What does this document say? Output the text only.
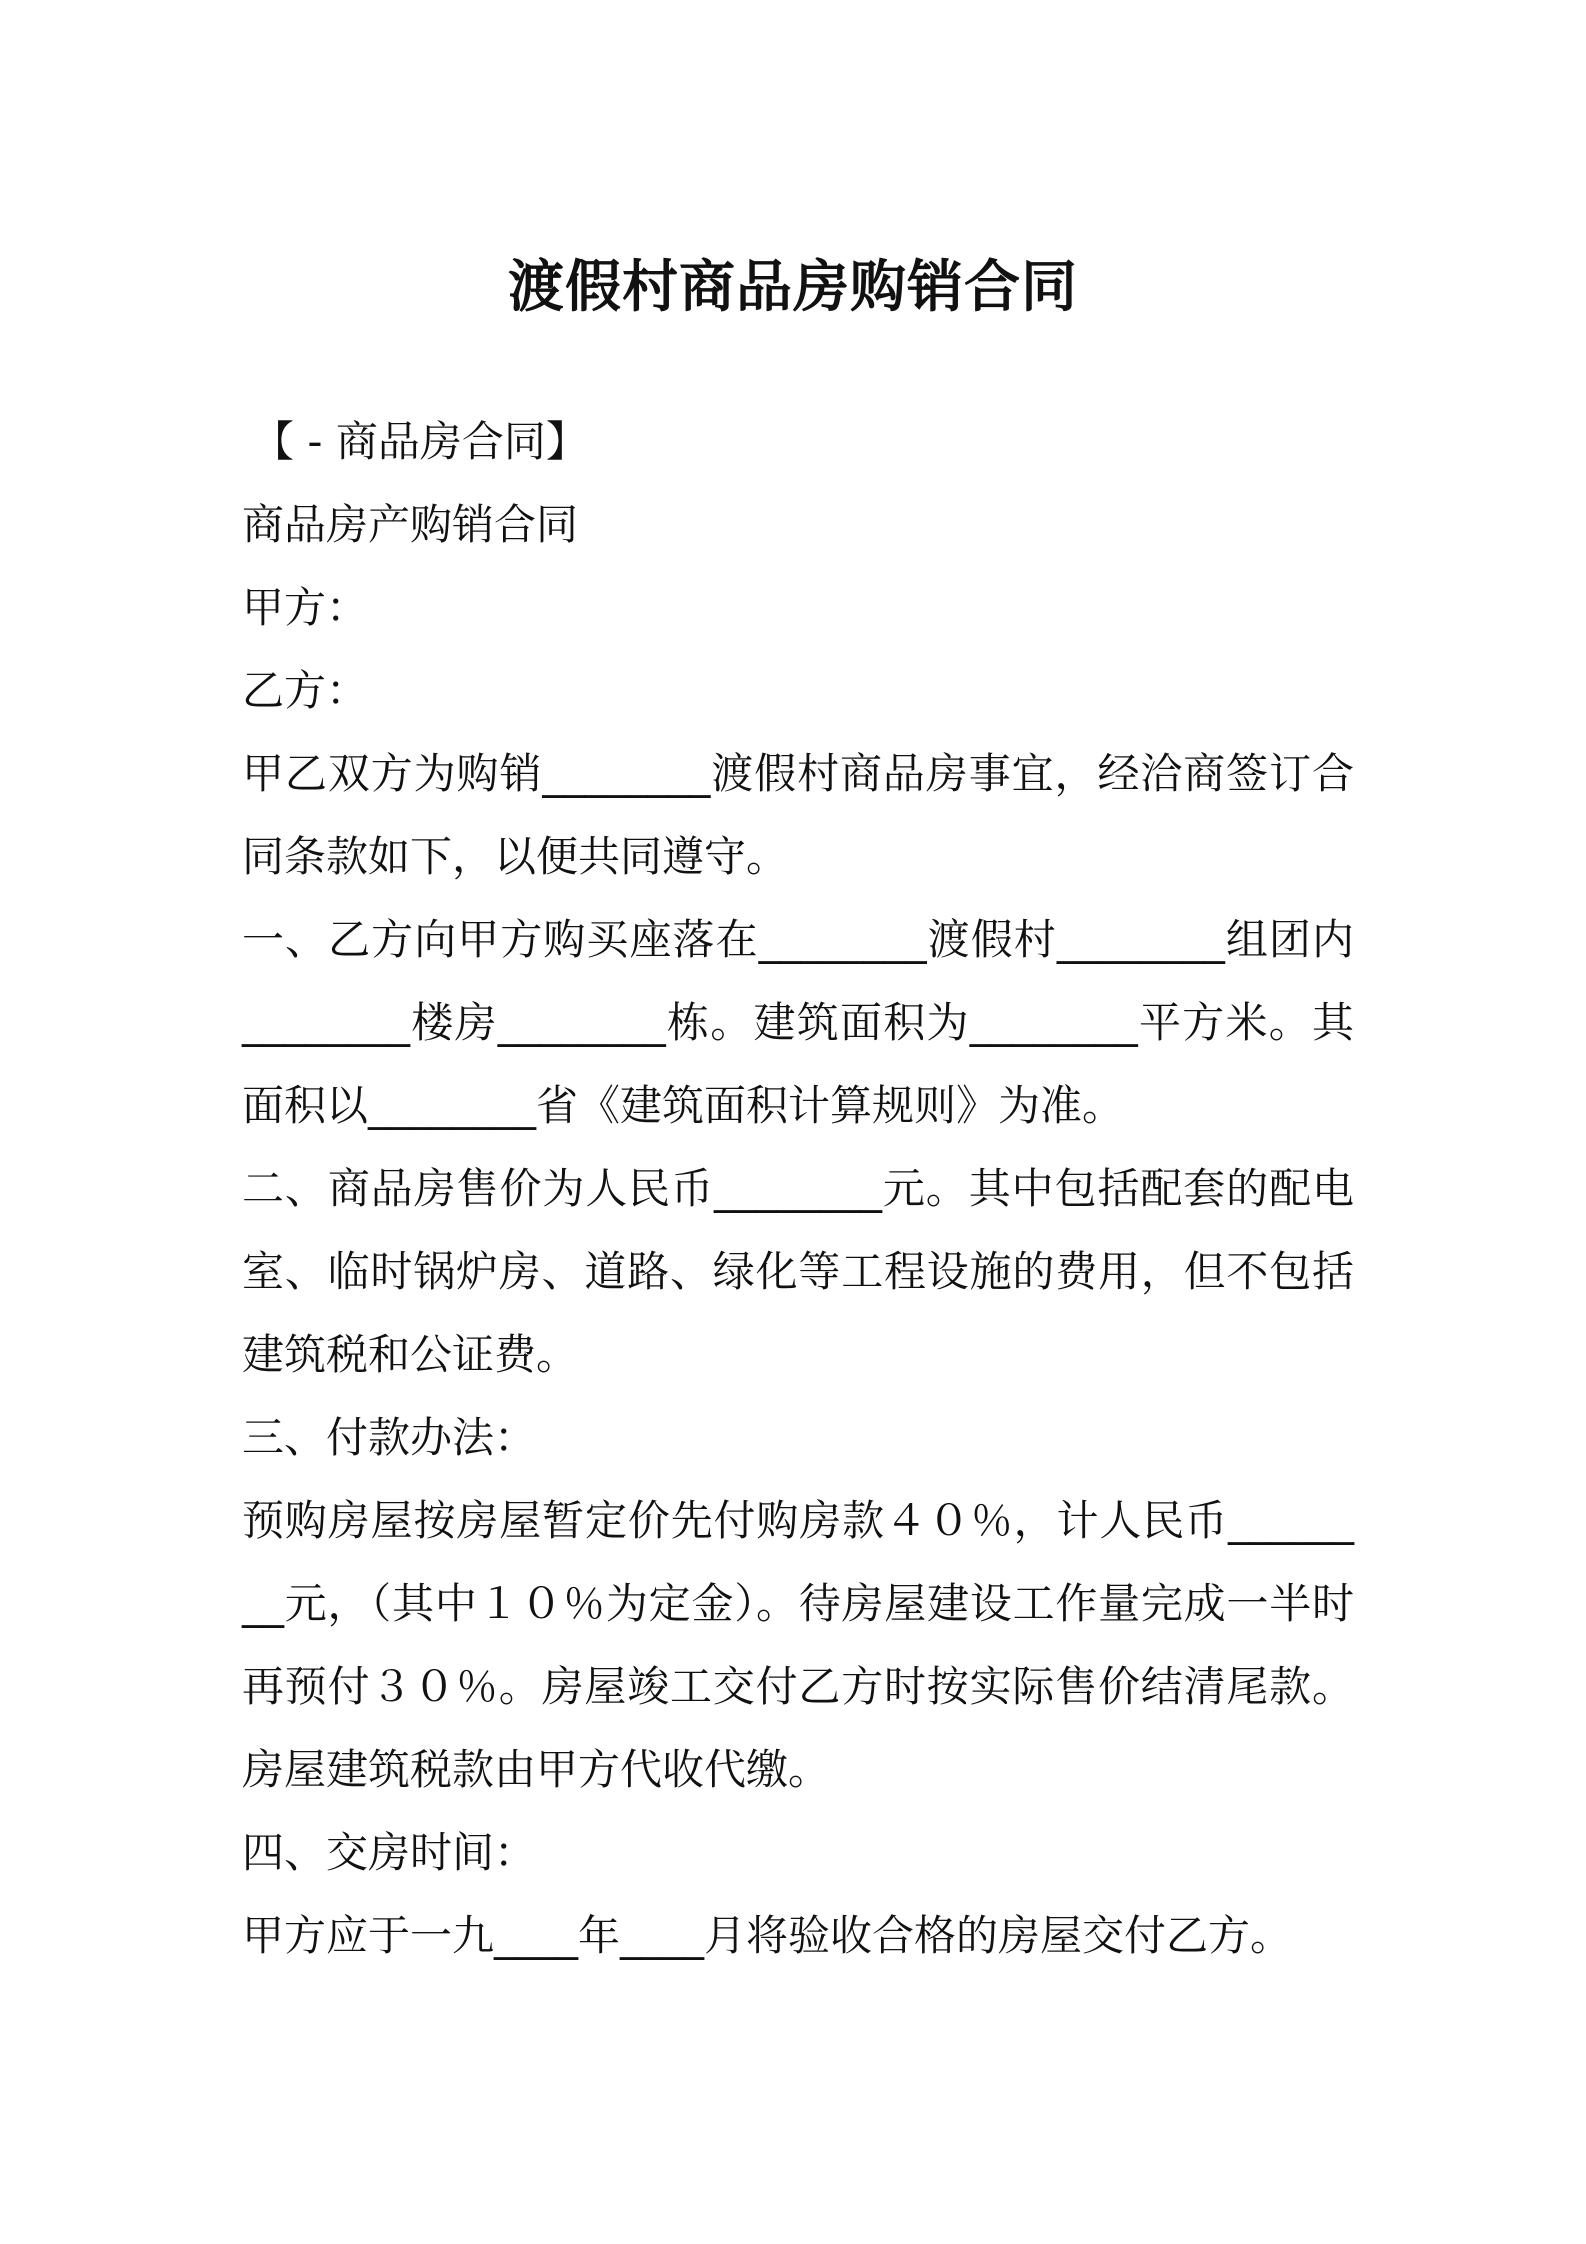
渡假村商品房购销合同

【 - 商品房合同】

商品房产购销合同

甲方：

乙方：

甲乙双方为购销________渡假村商品房事宜，经洽商签订合同条款如下，以便共同遵守。

一、乙方向甲方购买座落在________渡假村________组团内________楼房________栋。建筑面积为________平方米。其面积以________省《建筑面积计算规则》为准。

二、商品房售价为人民币________元。其中包括配套的配电室、临时锅炉房、道路、绿化等工程设施的费用，但不包括建筑税和公证费。

三、付款办法：

预购房屋按房屋暂定价先付购房款４０％，计人民币________元，（其中１０％为定金）。待房屋建设工作量完成一半时再预付３０％。房屋竣工交付乙方时按实际售价结清尾款。房屋建筑税款由甲方代收代缴。

四、交房时间：

甲方应于一九____年____月将验收合格的房屋交付乙方。
